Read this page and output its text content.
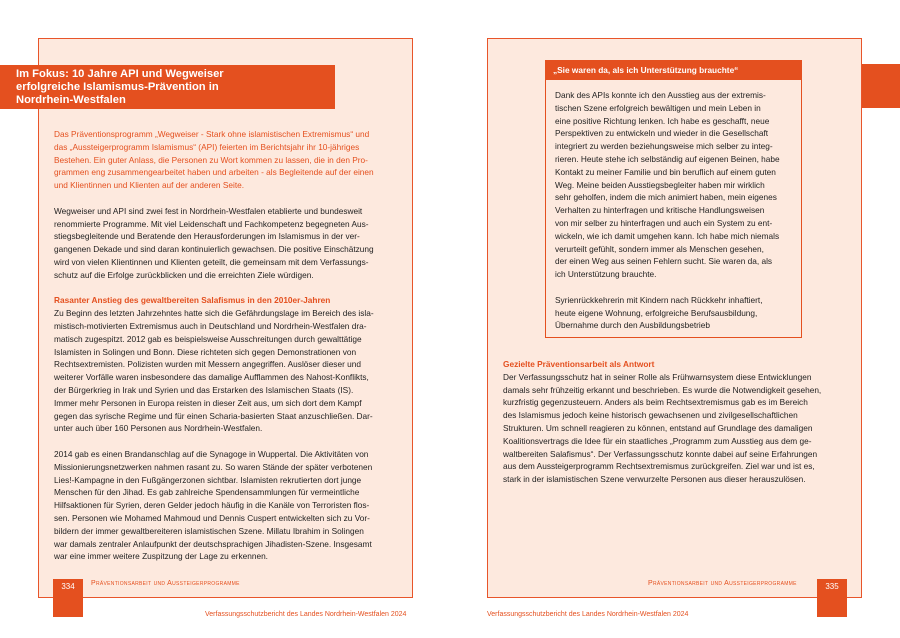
Im Fokus: 10 Jahre API und Wegweiser
erfolgreiche Islamismus-Prävention in
Nordrhein-Westfalen
Das Präventionsprogramm „Wegweiser - Stark ohne islamistischen Extremismus“ und
das „Aussteigerprogramm Islamismus“ (API) feierten im Berichtsjahr ihr 10-jähriges
Bestehen. Ein guter Anlass, die Personen zu Wort kommen zu lassen, die in den Pro-
grammen eng zusammengearbeitet haben und arbeiten - als Begleitende auf der einen
und Klientinnen und Klienten auf der anderen Seite.
Wegweiser und API sind zwei fest in Nordrhein-Westfalen etablierte und bundesweit
renommierte Programme. Mit viel Leidenschaft und Fachkompetenz begegneten Aus-
stiegsbegleitende und Beratende den Herausforderungen im Islamismus in der ver-
gangenen Dekade und sind daran kontinuierlich gewachsen. Die positive Einschätzung
wird von vielen Klientinnen und Klienten geteilt, die gemeinsam mit dem Verfassungs-
schutz auf die Erfolge zurückblicken und die erreichten Ziele würdigen.
Rasanter Anstieg des gewaltbereiten Salafismus in den 2010er-Jahren
Zu Beginn des letzten Jahrzehntes hatte sich die Gefährdungslage im Bereich des isla-
mistisch-motivierten Extremismus auch in Deutschland und Nordrhein-Westfalen dra-
matisch zugespitzt. 2012 gab es beispielsweise Ausschreitungen durch gewalttätige
Islamisten in Solingen und Bonn. Diese richteten sich gegen Demonstrationen von
Rechtsextremisten. Polizisten wurden mit Messern angegriffen. Auslöser dieser und
weiterer Vorfälle waren insbesondere das damalige Aufflammen des Nahost-Konflikts,
der Bürgerkrieg in Irak und Syrien und das Erstarken des Islamischen Staats (IS).
Immer mehr Personen in Europa reisten in dieser Zeit aus, um sich dort dem Kampf
gegen das syrische Regime und für einen Scharia-basierten Staat anzuschließen. Dar-
unter auch über 160 Personen aus Nordrhein-Westfalen.
2014 gab es einen Brandanschlag auf die Synagoge in Wuppertal. Die Aktivitäten von
Missionierungsnetzwerken nahmen rasant zu. So waren Stände der später verbotenen
Lies!-Kampagne in den Fußgängerzonen sichtbar. Islamisten rekrutierten dort junge
Menschen für den Jihad. Es gab zahlreiche Spendensammlungen für vermeintliche
Hilfsaktionen für Syrien, deren Gelder jedoch häufig in die Kanäle von Terroristen flos-
sen. Personen wie Mohamed Mahmoud und Dennis Cuspert entwickelten sich zu Vor-
bildern der immer gewaltbereiteren islamistischen Szene. Millatu Ibrahim in Solingen
war damals zentraler Anlaufpunkt der deutschsprachigen Jihadisten-Szene. Insgesamt
war eine immer weitere Zuspitzung der Lage zu erkennen.
334	Präventionsarbeit und Aussteigerprogramme
Verfassungsschutzbericht des Landes Nordrhein-Westfalen 2024
„Sie waren da, als ich Unterstützung brauchte“
Dank des APIs konnte ich den Ausstieg aus der extremis-
tischen Szene erfolgreich bewältigen und mein Leben in
eine positive Richtung lenken. Ich habe es geschafft, neue
Perspektiven zu entwickeln und wieder in die Gesellschaft
integriert zu werden beziehungsweise mich selber zu integ-
rieren. Heute stehe ich selbständig auf eigenen Beinen, habe
Kontakt zu meiner Familie und bin beruflich auf einem guten
Weg. Meine beiden Ausstiegsbegleiter haben mir wirklich
sehr geholfen, indem die mich animiert haben, mein eigenes
Verhalten zu hinterfragen und kritische Handlungsweisen
von mir selber zu hinterfragen und auch ein System zu ent-
wickeln, wie ich damit umgehen kann. Ich habe mich niemals
verurteilt gefühlt, sondern immer als Menschen gesehen,
der einen Weg aus seinen Fehlern sucht. Sie waren da, als
ich Unterstützung brauchte.
Syrienrückkehrerin mit Kindern nach Rückkehr inhaftiert,
heute eigene Wohnung, erfolgreiche Berufsausbildung,
Übernahme durch den Ausbildungsbetrieb
Gezielte Präventionsarbeit als Antwort
Der Verfassungsschutz hat in seiner Rolle als Frühwarnsystem diese Entwicklungen
damals sehr frühzeitig erkannt und beschrieben. Es wurde die Notwendigkeit gesehen,
kurzfristig gegenzusteuern. Anders als beim Rechtsextremismus gab es im Bereich
des Islamismus jedoch keine historisch gewachsenen und zivilgesellschaftlichen
Strukturen. Um schnell reagieren zu können, entstand auf Grundlage des damaligen
Koalitionsvertrags die Idee für ein staatliches „Programm zum Ausstieg aus dem ge-
waltbereiten Salafismus“. Der Verfassungsschutz konnte dabei auf seine Erfahrungen
aus dem Aussteigerprogramm Rechtsextremismus zurückgreifen. Ziel war und ist es,
stark in der islamistischen Szene verwurzelte Personen aus dieser herauszulösen.
Präventionsarbeit und Aussteigerprogramme	335
Verfassungsschutzbericht des Landes Nordrhein-Westfalen 2024
